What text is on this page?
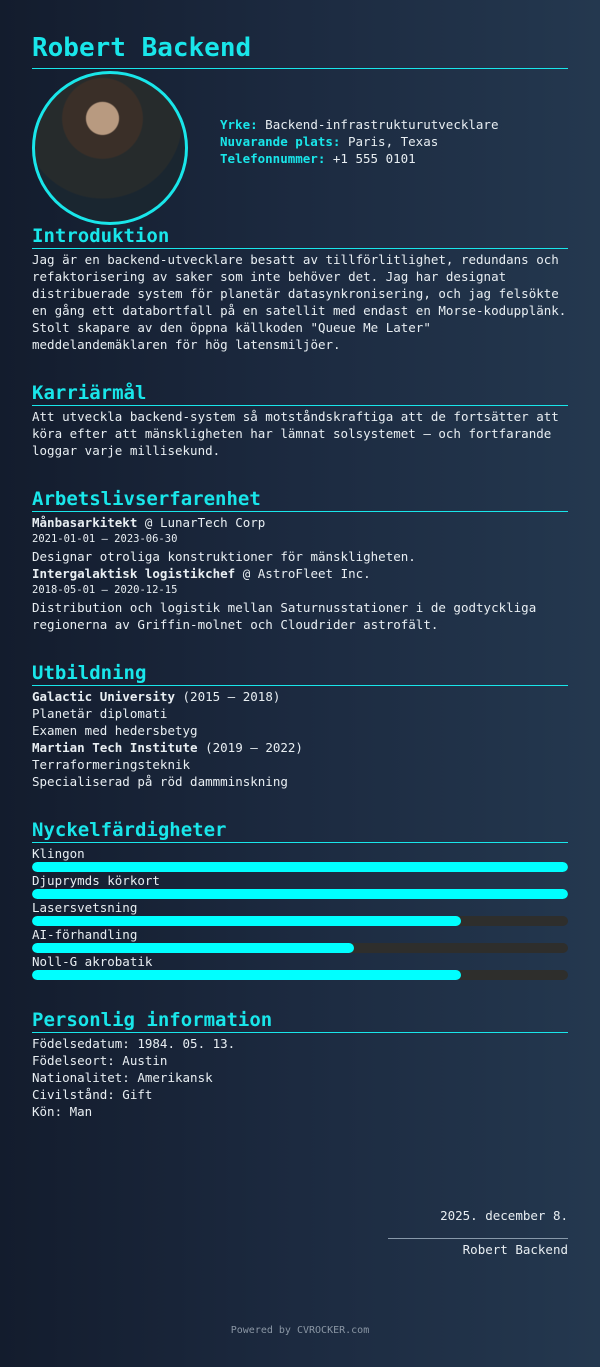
Robert Backend
Yrke: Backend-infrastrukturutvecklare
Nuvarande plats: Paris, Texas
Telefonnummer: +1 555 0101
Introduktion

Jag är en backend-utvecklare besatt av tillförlitlighet, redundans och refaktorisering av saker som inte behöver det. Jag har designat distribuerade system för planetär datasynkronisering, och jag felsökte en gång ett databortfall på en satellit med endast en Morse-kodupplänk. Stolt skapare av den öppna källkoden "Queue Me Later" meddelandemäklaren för hög latensmiljöer.

Karriärmål

Att utveckla backend-system så motståndskraftiga att de fortsätter att köra efter att mänskligheten har lämnat solsystemet — och fortfarande loggar varje millisekund.

Arbetslivserfarenhet
Månbasarkitekt @ LunarTech Corp
2021-01-01 — 2023-06-30
Designar otroliga konstruktioner för mänskligheten.
Intergalaktisk logistikchef @ AstroFleet Inc.
2018-05-01 — 2020-12-15
Distribution och logistik mellan Saturnusstationer i de godtyckliga regionerna av Griffin-molnet och Cloudrider astrofält.
Utbildning
Galactic University (2015 — 2018)
Planetär diplomati
Examen med hedersbetyg
Martian Tech Institute (2019 — 2022)
Terraformeringsteknik
Specialiserad på röd dammminskning
Nyckelfärdigheter
Klingon
Djuprymds körkort
Lasersvetsning
AI-förhandling
Noll-G akrobatik
Personlig information
Födelsedatum: 1984. 05. 13.
Födelseort: Austin
Nationalitet: Amerikansk
Civilstånd: Gift
Kön: Man
2025. december 8.
Robert Backend
Powered by CVROCKER.com
